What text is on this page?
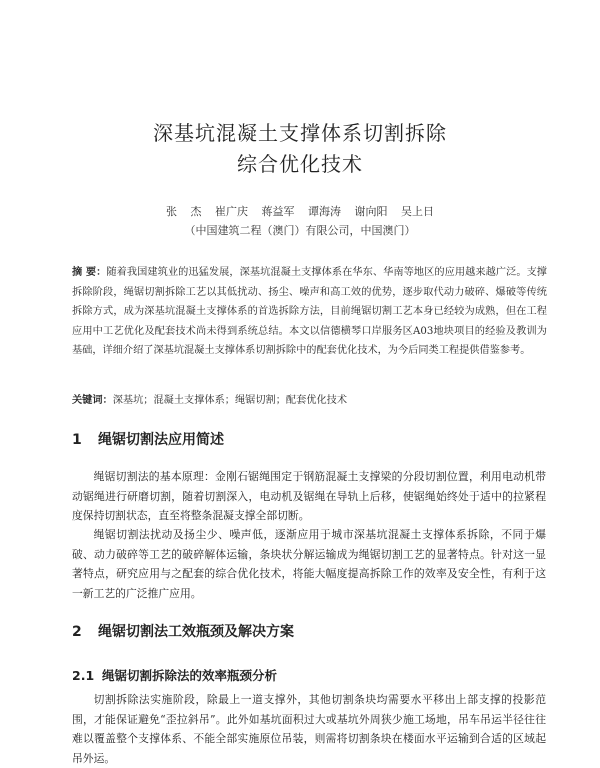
深基坑混凝土支撑体系切割拆除
综合优化技术
张 杰 崔广庆 蒋益军 谭海涛 谢向阳 吴上日
（中国建筑二程（澳门）有限公司，中国澳门）
摘 要：随着我国建筑业的迅猛发展，深基坑混凝土支撑体系在华东、华南等地区的应用越来越广泛。支撑拆除阶段，绳锯切割拆除工艺以其低扰动、扬尘、噪声和高工效的优势，逐步取代动力破碎、爆破等传统拆除方式，成为深基坑混凝土支撑体系的首选拆除方法，目前绳锯切割工艺本身已经较为成熟，但在工程应用中工艺优化及配套技术尚未得到系统总结。本文以信德横琴口岸服务区A03地块项目的经验及教训为基础，详细介绍了深基坑混凝土支撑体系切割拆除中的配套优化技术，为今后同类工程提供借鉴参考。
关键词：深基坑；混凝土支撑体系；绳锯切割；配套优化技术
1 绳锯切割法应用简述
绳锯切割法的基本原理：金刚石锯绳围定于钢筋混凝土支撑梁的分段切割位置，利用电动机带动锯绳进行研磨切割，随着切割深入，电动机及锯绳在导轨上后移，使锯绳始终处于适中的拉紧程度保持切割状态，直至将整条混凝支撑全部切断。
绳锯切割法扰动及扬尘少、噪声低，逐渐应用于城市深基坑混凝土支撑体系拆除，不同于爆破、动力破碎等工艺的破碎解体运输，条块状分解运输成为绳锯切割工艺的显著特点。针对这一显著特点，研究应用与之配套的综合优化技术，将能大幅度提高拆除工作的效率及安全性，有利于这一新工艺的广泛推广应用。
2 绳锯切割法工效瓶颈及解决方案
2.1 绳锯切割拆除法的效率瓶颈分析
切割拆除法实施阶段，除最上一道支撑外，其他切割条块均需要水平移出上部支撑的投影范围，才能保证避免“歪拉斜吊”。此外如基坑面积过大或基坑外周狭少施工场地，吊车吊运半径往往难以覆盖整个支撑体系、不能全部实施原位吊装，则需将切割条块在楼面水平运输到合适的区域起吊外运。
